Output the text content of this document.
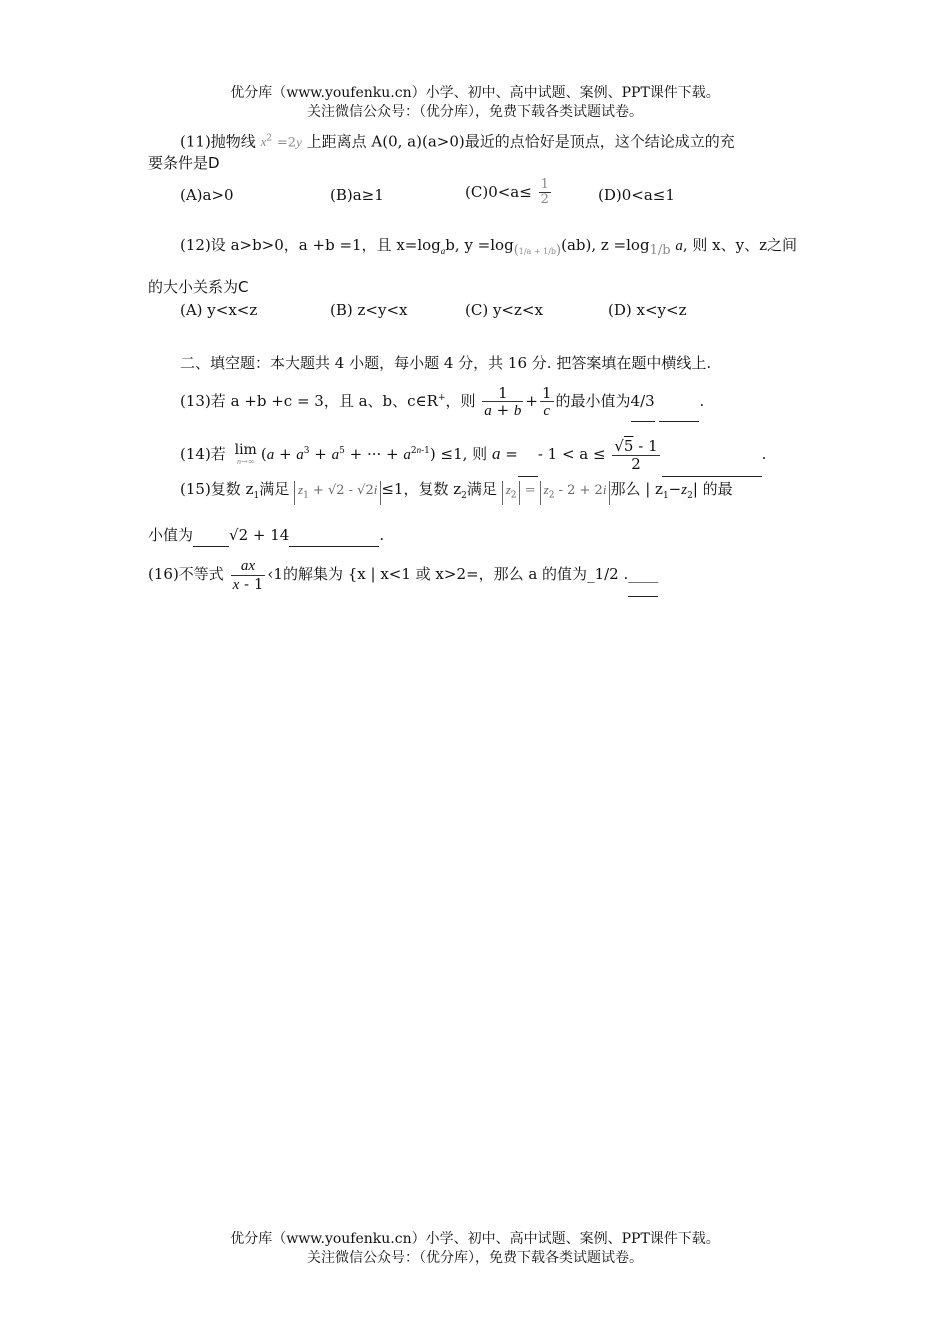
优分库（www.youfenku.cn）小学、初中、高中试题、案例、PPT课件下载。
关注微信公众号：（优分库），免费下载各类试题试卷。
(11)抛物线 $x^2 =2y$ 上距离点 A(0, a)(a>0)最近的点恰好是顶点，这个结论成立的充
要条件是D
(A)a>0	(B)a≥1	$(C)0<a\le \frac{1}{2}$	(D)0<a≤1
(12)设 a>b>0，a +b =1，且 $x=\log_ab$, $y =\log_{(1/a + 1/b)}(ab)$, $z =\log_{1/b}$ a, 则 x、y、z之间
的大小关系为C
(A) y<x<z	(B) z<y<x	(C) y<z<x	(D) x<y<z
二、填空题：本大题共 4 小题，每小题 4 分，共 16 分. 把答案填在题中横线上.
(13)若 a +b +c = 3，且 a、b、c∈R+，则 $\frac{1}{a + b} + \frac{1}{c}$ 的最小值为4/3	.
(14)若 lim
n→∞ ($a + a^3 + a^5$ + ··· + $a^{2n-1}) \le 1$, 则 a = - $1 < a \le \frac{√5 - 1}{2}$	.
(15)复数 $z_1$满足 $z_1 + √2 - √2i \le 1$，复数 $z_2$满足 $z_2 = z_2 - 2 + 2i$ 那么 | $z_1-z_2|$ 的最
小值为 √2 + 14	.
(16)不等式 $\frac{ax}{x - 1}$ ‹1的解集为 {x | x<1 或 x>2=，那么 a 的值为_1/2 .____
优分库（www.youfenku.cn）小学、初中、高中试题、案例、PPT课件下载。
关注微信公众号：（优分库），免费下载各类试题试卷。
